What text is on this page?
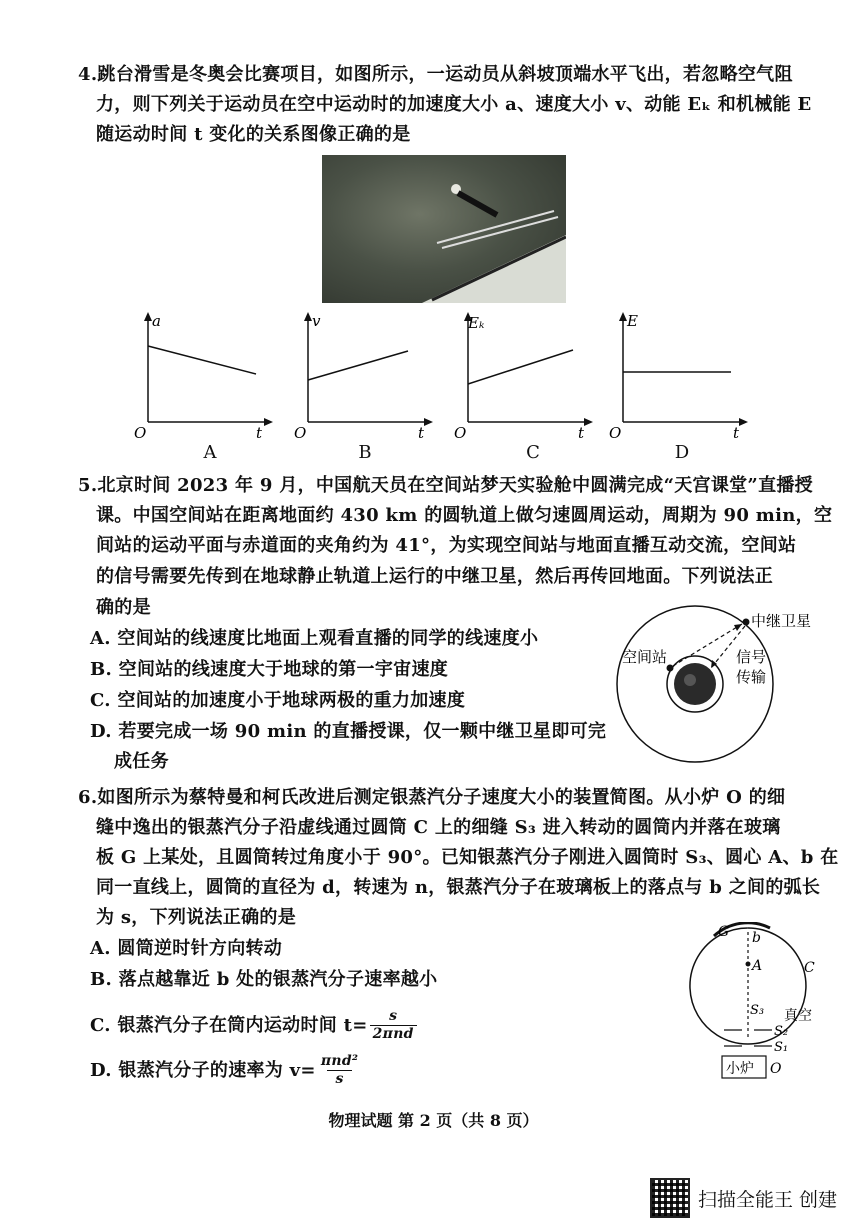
4.跳台滑雪是冬奥会比赛项目，如图所示，一运动员从斜坡顶端水平飞出，若忽略空气阻
力，则下列关于运动员在空中运动时的加速度大小 a、速度大小 v、动能 Eₖ 和机械能 E
随运动时间 t 变化的关系图像正确的是
a
t
O
A
v
t
O
B
Eₖ
t
O
C
E
t
O
D
5.北京时间 2023 年 9 月，中国航天员在空间站梦天实验舱中圆满完成“天宫课堂”直播授
课。中国空间站在距离地面约 430 km 的圆轨道上做匀速圆周运动，周期为 90 min，空
间站的运动平面与赤道面的夹角约为 41°，为实现空间站与地面直播互动交流，空间站
的信号需要先传到在地球静止轨道上运行的中继卫星，然后再传回地面。下列说法正
确的是
A. 空间站的线速度比地面上观看直播的同学的线速度小
B. 空间站的线速度大于地球的第一宇宙速度
C. 空间站的加速度小于地球两极的重力加速度
D. 若要完成一场 90 min 的直播授课，仅一颗中继卫星即可完
成任务
中继卫星
空间站	信号
传输
6.如图所示为蔡特曼和柯氏改进后测定银蒸汽分子速度大小的装置简图。从小炉 O 的细
缝中逸出的银蒸汽分子沿虚线通过圆筒 C 上的细缝 S₃ 进入转动的圆筒内并落在玻璃
板 G 上某处，且圆筒转过角度小于 90°。已知银蒸汽分子刚进入圆筒时 S₃、圆心 A、b 在
同一直线上，圆筒的直径为 d，转速为 n，银蒸汽分子在玻璃板上的落点与 b 之间的弧长
为 s，下列说法正确的是
A. 圆筒逆时针方向转动
B. 落点越靠近 b 处的银蒸汽分子速率越小
C. 银蒸汽分子在筒内运动时间 t= s
2πnd
D. 银蒸汽分子的速率为 v= πnd²
s
G b
A	C
S₃ 真空
S₂
S₁
小炉 O
物理试题 第 2 页（共 8 页）
扫描全能王 创建
